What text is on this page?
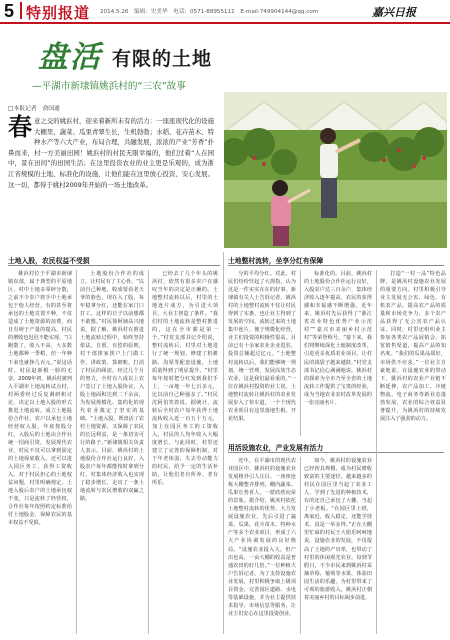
5 特别报道 2014.5.26　编辑：史美华　电话：0571-88955111　E-mail:749904144@qq.com	嘉兴日报
盘活 有限的土地
—平湖市新埭镇姚浜村的“三农”故事
□本报记者　俞国通
春意之交的姚浜村，迎来着新所未有的活力：一座座现代化的设施大棚里，蔬菜、瓜果青翠生长，生机勃勃；水稻、花卉苗木、特种水产等六大产业，布局合理，共融发展，浓浓的产业“芳香”扑鼻而来，村一方美丽田园！姚浜村的村民无限幸福的，他们过着“人在园中，景在田间”的田园生活；在这里投资农业的业主更是乐观的，成为浙江省规模的土地、标准化的设施，让他们能在这里放心投资、安心发展。这一切，都得于姚村2009年开始的一场土地改革。
土地入股，农民权益不受损	土地整村流转，坐享分红有保障
用活设施农业，产业发展有活力

姚浜村位于平湖市新埭镇东部，属于典型的平原地区，村中土地多零碎分散，之前不少农户将手中土地承包于他人经营，有的甚至将承包的土地荒置不种，不仅造成了土地资源的浪费，而且有碍于产量的提高，村民的增收也迟迟不能实现。“白跑散了，收入不高，大多数土地都种一季稻，但一年种下来也就挣几百元。”说这话时，村民赵新根一脸的无奈。2009年初，姚浜村被列入平湖市土地流转试点村，村两委经过反复调研和讨论，决定以土地入股的形式推进土地流转，成立土地股份合作社，农户以承包土地经营权入股，年底按股分红。入股后的土地由合作社统一招商引资，发展现代农业，村民不仅可以拿到固定的土地保底收入，还可以进入园区务工，获得工资收入。对于村民担心的土地权益问题，村里明确规定，土地入股后农户的土地承包权不变，只是流转了经营权，合作社每年按照约定标准给付土地股金，保障农民的基本权益不受损。

土地股份合作社的成立，让村民有了主心骨。“以前自己种地，收成要看老天爷的脸色，现在入了股，每年稳拿分红，还能在家门口打工，这样的日子以前想都不敢想。”村民徐阿姨高兴地说。据了解，姚浜村在推进土地流转过程中，始终坚持依法、自愿、有偿的原则，村干部挨家挨户上门做工作，讲政策、算细账，打消了村民的顾虑。经过几个月的努力，全村有八成以上农户签订了土地入股协议，入股土地面积达到二千余亩，为发展规模化、集约化的现代农业奠定了坚实的基础。“土地入股，既盘活了农村土地资源，又保障了农民的长远利益，是一条切实可行的路子。”新埭镇相关负责人表示。目前，姚浜村的土地股份合作社运行良好，入股农户每年都能按时拿到分红，村集体经济收入也实现了稳步增长，走出了一条土地流转与农民增收的双赢之路。

已经去了几个年头的姚浜村，依然有很多农户在感叹当年的决定是正确的。土地整村流转以后，村里的土地连片成方，为引进大项目、大业主创造了条件。“我们村的土地流转是整村推进的，这在全市都是第一个。”村党支部书记介绍说，整村流转后，村里对土地进行了统一规划，修建了机耕路、沟渠等配套设施，土地质量得到了明显提升。“村里每年按时把分红发到我们手上，一亩地一年七百多元，比以前自己种强多了。”村民沈阿伯笑着说。据统计，流转后全村农户每年获得土地流转收入近一百五十万元，加上在园区务工的工资收入，村民的人均年收入大幅度增长。与此同时，村里还建立了完善的保障机制，对于年老体弱、失去劳动能力的村民，给予一定的生活补助，让他们老有所养、老有所乐。

分的平均分红。对此，村民们纷纷竖起了大拇指，认为这是一件实实在在的好事。新埭镇有关人士告诉记者，姚浜村的土地整村流转不仅让村民得到了实惠，也让业主得到了发展的空间。流转过来的土地集中连片，便于规模化经营，业主们投资的积极性很高。目前已有十余家农业企业进驻，投资总额超过亿元。“土地整村流转以后，我们能够统一规划、统一管理，发展高效生态农业，这是我们最看重的。”一位在姚浜村投资的业主说。土地整村流转让姚浜村的农业发展步入了快车道，一个个现代农业项目在这里落地生根、开花结果。

标准化的。目前，姚浜村的土地股份合作社运行良好，入股农户达三百余户，集体经济收入逐年提高，农民的获得感和幸福感不断增强。近年来，姚浜村先后获得了“浙江省农业特色优势产业示范村”“嘉兴市美丽乡村示范村”等荣誉称号。“接下来，我们将继续深化土地制度改革，引进更多优质农业项目，让村民的钱袋子越来越鼓。”村党支部书记信心满满地说。姚浜村的探索为全市乃至全省的土地流转工作提供了宝贵的经验，成为当地农业农村改革发展的一张亮丽名片。

打造“一村一品”特色品牌，是姚浜村设施农业发展的重要方向。村里积极引导业主发展无公害、绿色、有机农产品，提高农产品的质量和市场竞争力，多个农产品获得了无公害农产品认证。同时，村里还组织业主参加各类农产品展销会，拓宽销售渠道，提高产品的知名度。“我们的瓜果品质好，市场供不应求。”一位业主自豪地说。在设施农业的带动下，姚浜村的农业产业链不断延伸，农产品加工、冷链物流、电子商务等新业态蓬勃发展，农业的综合效益显著提升，为姚浜村的持续发展注入了强劲的动力。

近年，在平湖市的现代农业园区中，姚浜村的设施农业发展格外引人注目。一座座连栋大棚整齐排列，棚内蔬菜、瓜果长势喜人，一派欣欣向荣的景象。据介绍，姚浜村依托土地整村流转的优势，大力发展设施农业，先后引进了蔬菜、瓜果、花卉苗木、特种水产等多个农业项目，形成了六大产业协调发展的良好格局。“设施农业投入大，但产出也高，一亩大棚的收益是普通农田的好几倍。”一位种植大户告诉记者。为了支持设施农业发展，村里积极争取上级项目资金，完善园区道路、水电等基础设施，并为业主提供技术指导、市场信息等服务，让业主们安心在这里投资创业。

如今，姚浜村的设施农业已经初具规模，成为村民增收致富的主要途径。越来越多的村民在园区里当起了农业工人，学到了先进的种植技术，有的还自己承包了大棚，当起了小老板。“在园区里上班，离家近，收入稳定，还能学技术，真是一举多得。”正在大棚里忙碌的村民王大姐乐呵呵地说。设施农业的发展，不仅提高了土地的产出率，也带动了村里的休闲观光农业。每到节假日，不少市民来到姚浜村采摘草莓、葡萄等水果，体验田园生活的乐趣，为村里带来了可观的旅游收入，姚浜村正朝着美丽乡村的目标阔步前进。
